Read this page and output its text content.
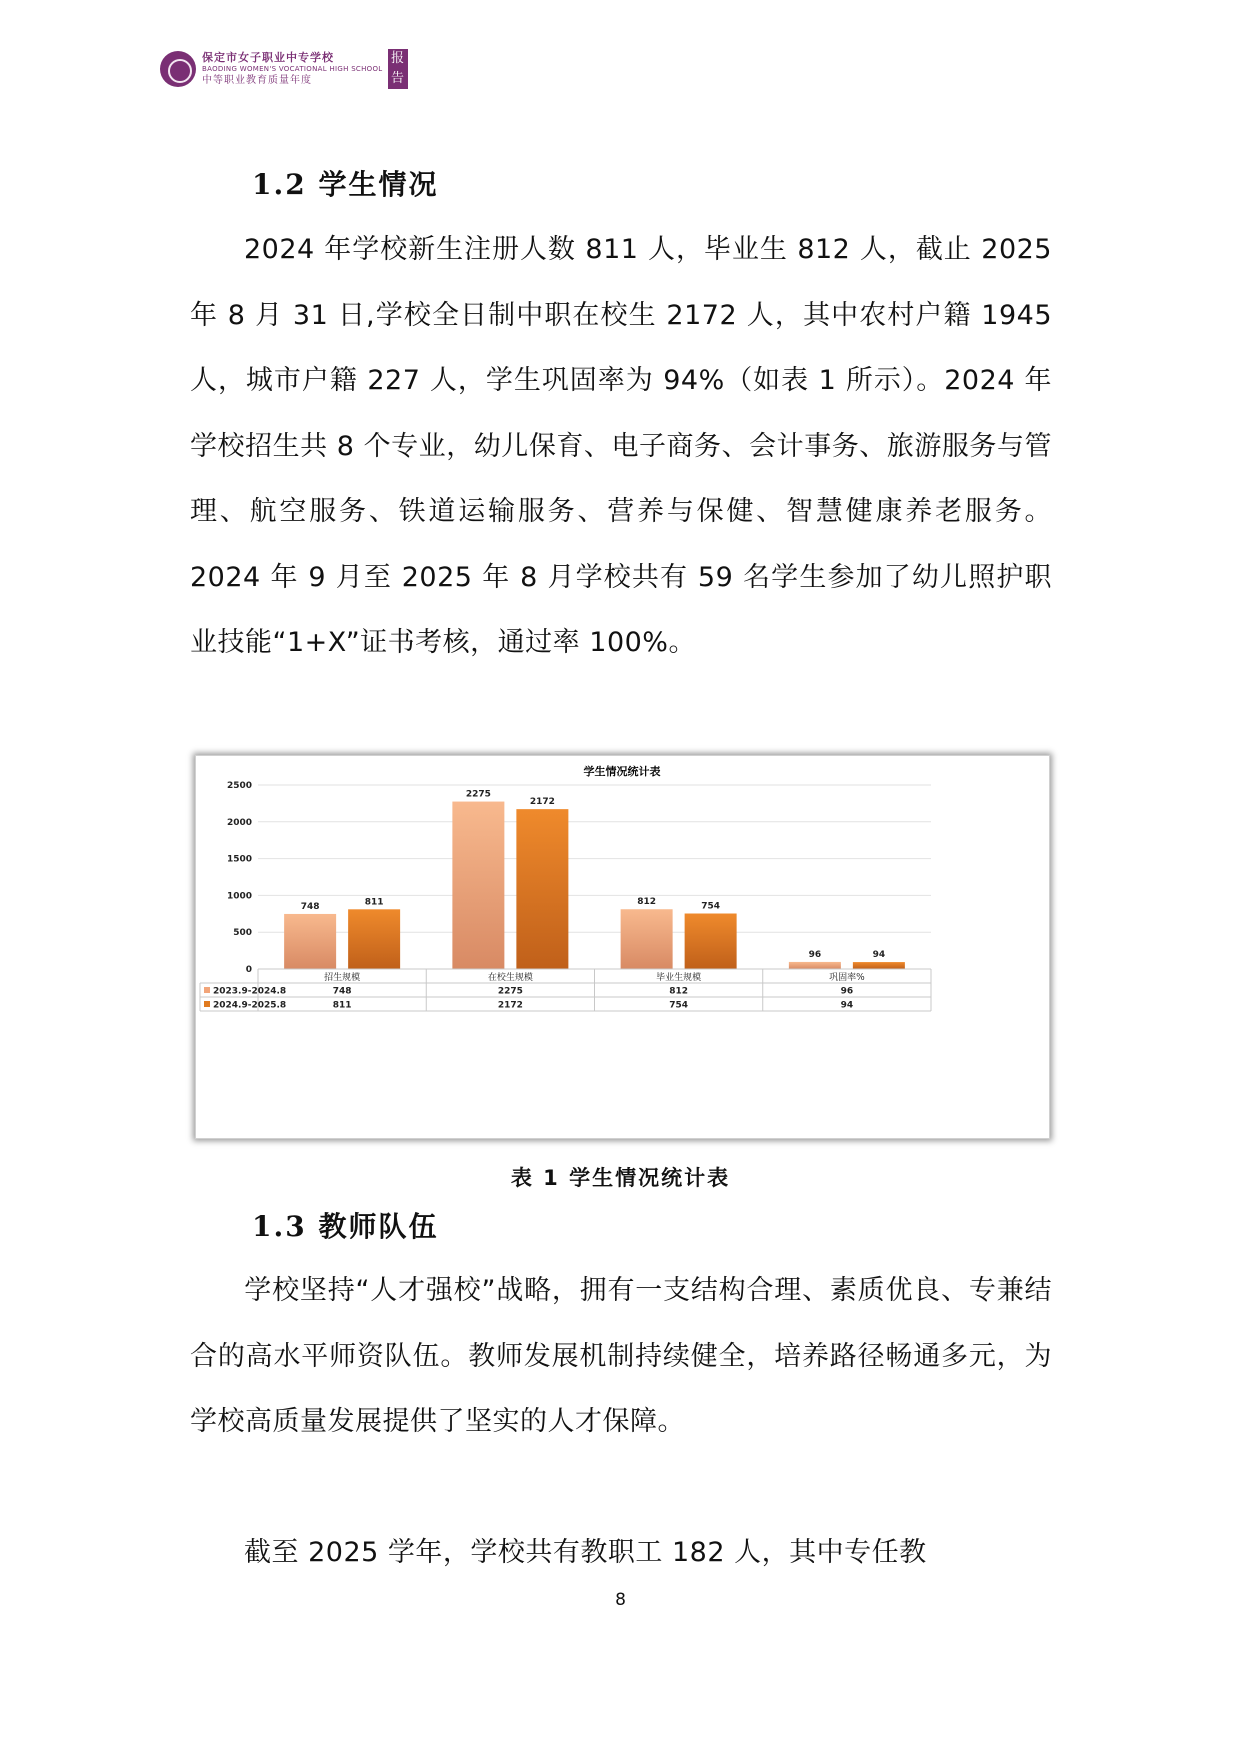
保定市女子职业中专学校
BAODING WOMEN'S VOCATIONAL HIGH SCHOOL
中等职业教育质量年度
报告
1.2 学生情况
2024 年学校新生注册人数 811 人，毕业生 812 人，截止 2025 年 8 月 31 日,学校全日制中职在校生 2172 人，其中农村户籍 1945 人，城市户籍 227 人，学生巩固率为 94%（如表 1 所示）。2024 年学校招生共 8 个专业，幼儿保育、电子商务、会计事务、旅游服务与管理、航空服务、铁道运输服务、营养与保健、智慧健康养老服务。2024 年 9 月至 2025 年 8 月学校共有 59 名学生参加了幼儿照护职业技能“1+X”证书考核，通过率 100%。
学生情况统计表
0
500
1000
1500
2000
2500
748
2275
812
96
811
2172
754
94
招生规模	在校生规模	毕业生规模	巩固率%
2023.9-2024.8	748	2275	812	96
2024.9-2025.8	811	2172	754	94
表 1 学生情况统计表
1.3 教师队伍
学校坚持“人才强校”战略，拥有一支结构合理、素质优良、专兼结合的高水平师资队伍。教师发展机制持续健全，培养路径畅通多元，为学校高质量发展提供了坚实的人才保障。
截至 2025 学年，学校共有教职工 182 人，其中专任教
8
